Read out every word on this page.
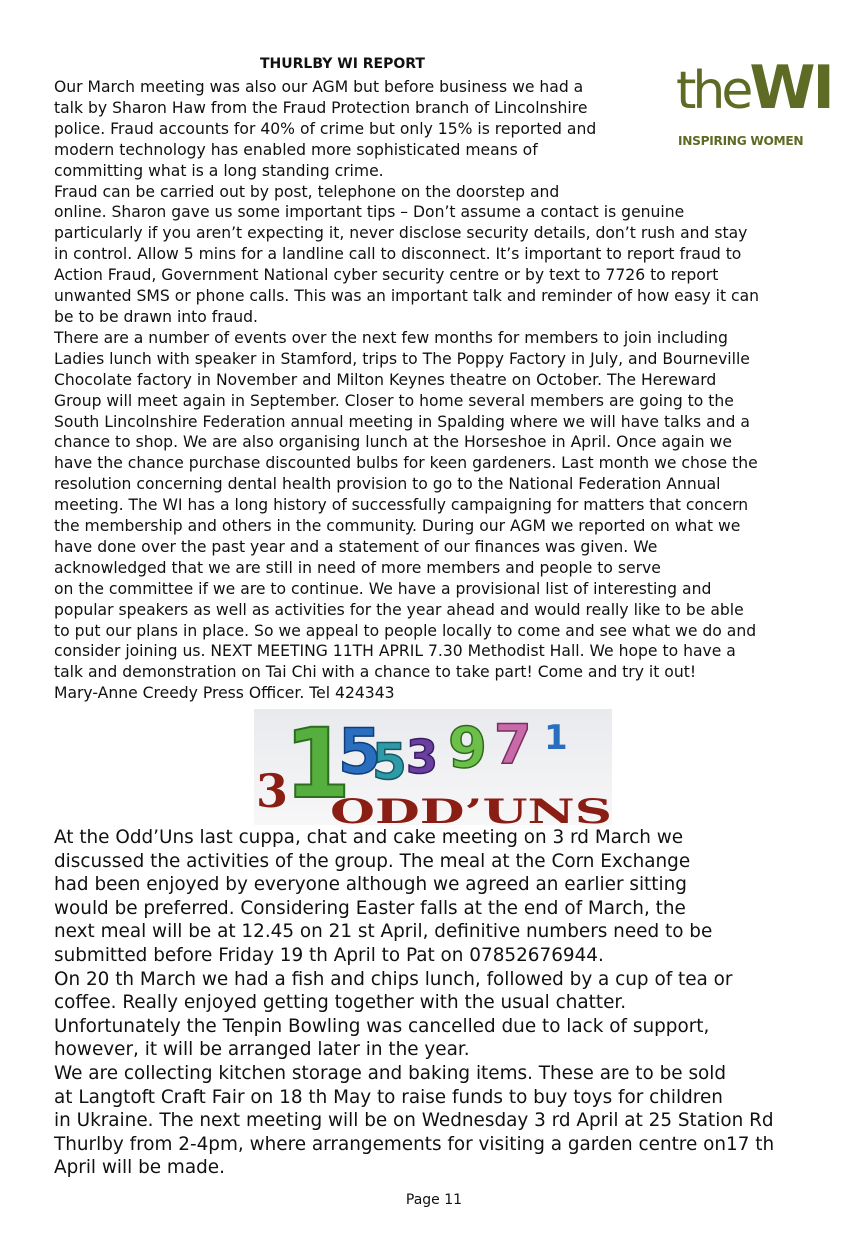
THURLBY WI REPORT	theWI
INSPIRING WOMEN
Our March meeting was also our AGM but before business we had a
talk by Sharon Haw from the Fraud Protection branch of Lincolnshire
police. Fraud accounts for 40% of crime but only 15% is reported and
modern technology has enabled more sophisticated means of
committing what is a long standing crime.
Fraud can be carried out by post, telephone on the doorstep and
online. Sharon gave us some important tips – Don’t assume a contact is genuine
particularly if you aren’t expecting it, never disclose security details, don’t rush and stay
in control. Allow 5 mins for a landline call to disconnect. It’s important to report fraud to
Action Fraud, Government National cyber security centre or by text to 7726 to report
unwanted SMS or phone calls. This was an important talk and reminder of how easy it can
be to be drawn into fraud.
There are a number of events over the next few months for members to join including
Ladies lunch with speaker in Stamford, trips to The Poppy Factory in July, and Bourneville
Chocolate factory in November and Milton Keynes theatre on October. The Hereward
Group will meet again in September. Closer to home several members are going to the
South Lincolnshire Federation annual meeting in Spalding where we will have talks and a
chance to shop. We are also organising lunch at the Horseshoe in April. Once again we
have the chance purchase discounted bulbs for keen gardeners. Last month we chose the
resolution concerning dental health provision to go to the National Federation Annual
meeting. The WI has a long history of successfully campaigning for matters that concern
the membership and others in the community. During our AGM we reported on what we
have done over the past year and a statement of our finances was given. We
acknowledged that we are still in need of more members and people to serve
on the committee if we are to continue. We have a provisional list of interesting and
popular speakers as well as activities for the year ahead and would really like to be able
to put our plans in place. So we appeal to people locally to come and see what we do and
consider joining us. NEXT MEETING 11TH APRIL 7.30 Methodist Hall. We hope to have a
talk and demonstration on Tai Chi with a chance to take part! Come and try it out!
Mary-Anne Creedy Press Officer. Tel 424343
3
1
5
5 3 9 7 1
ODD’UNS
At the Odd’Uns last cuppa, chat and cake meeting on 3 rd March we
discussed the activities of the group. The meal at the Corn Exchange
had been enjoyed by everyone although we agreed an earlier sitting
would be preferred. Considering Easter falls at the end of March, the
next meal will be at 12.45 on 21 st April, definitive numbers need to be
submitted before Friday 19 th April to Pat on 07852676944.
On 20 th March we had a fish and chips lunch, followed by a cup of tea or
coffee. Really enjoyed getting together with the usual chatter.
Unfortunately the Tenpin Bowling was cancelled due to lack of support,
however, it will be arranged later in the year.
We are collecting kitchen storage and baking items. These are to be sold
at Langtoft Craft Fair on 18 th May to raise funds to buy toys for children
in Ukraine. The next meeting will be on Wednesday 3 rd April at 25 Station Rd
Thurlby from 2-4pm, where arrangements for visiting a garden centre on17 th
April will be made.
Page 11
